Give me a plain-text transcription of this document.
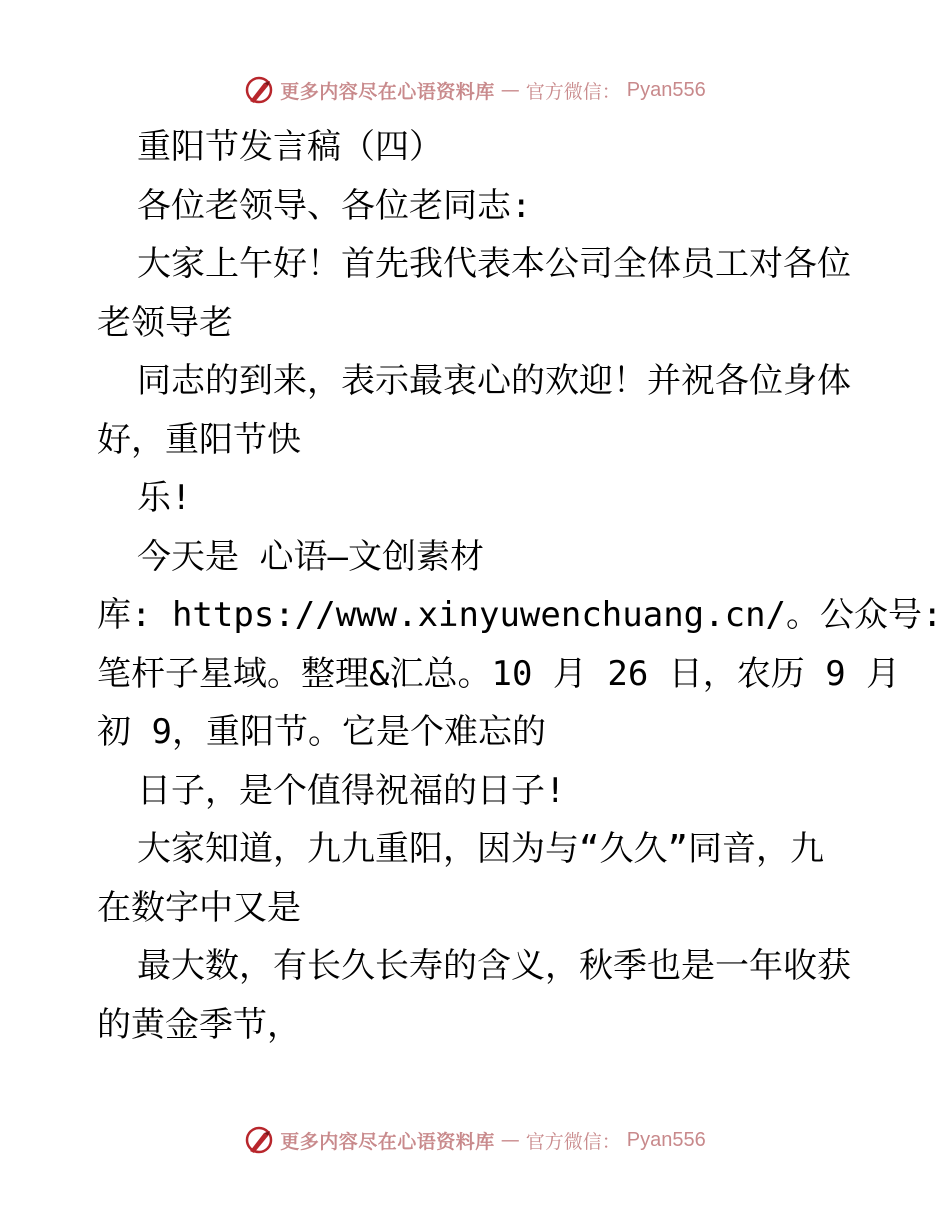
更多内容尽在心语资料库 — 官方微信： Pyan556
重阳节发言稿（四）
各位老领导、各位老同志:
大家上午好！首先我代表本公司全体员工对各位
老领导老
同志的到来，表示最衷心的欢迎！并祝各位身体
好，重阳节快
乐!
今天是 心语—文创素材
库: https://www.xinyuwenchuang.cn/。公众号:
笔杆子星域。整理&汇总。10 月 26 日，农历 9 月
初 9，重阳节。它是个难忘的
日子，是个值得祝福的日子!
大家知道，九九重阳，因为与“久久”同音，九
在数字中又是
最大数，有长久长寿的含义，秋季也是一年收获
的黄金季节，
更多内容尽在心语资料库 — 官方微信： Pyan556
